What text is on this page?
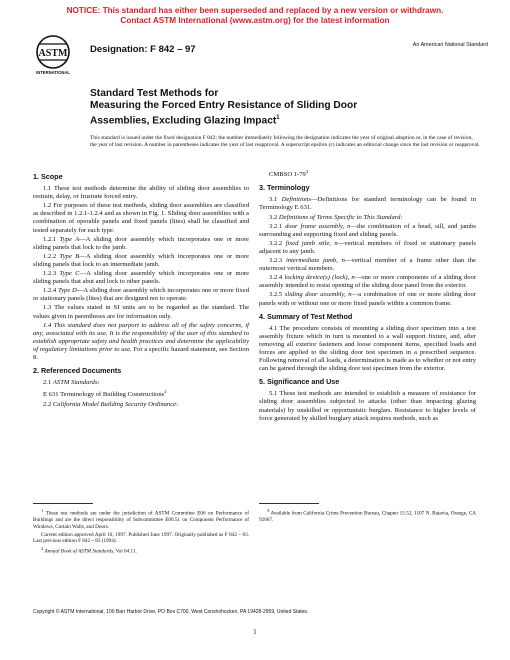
NOTICE: This standard has either been superseded and replaced by a new version or withdrawn.
Contact ASTM International (www.astm.org) for the latest information
ASTM
INTERNATIONAL
Designation: F 842 – 97	An American National Standard
Standard Test Methods for
Measuring the Forced Entry Resistance of Sliding Door
Assemblies, Excluding Glazing Impact$^1$
This standard is issued under the fixed designation F 842; the number immediately following the designation indicates the year of original adoption or, in the case of revision, the year of last revision. A number in parentheses indicates the year of last reapproval. A superscript epsilon (ε) indicates an editorial change since the last revision or reapproval.
1. Scope

1.1 These test methods determine the ability of sliding door assemblies to restrain, delay, or frustrate forced entry.

1.2 For purposes of these test methods, sliding door assemblies are classified as described in 1.2.1-1.2.4 and as shown in Fig. 1. Sliding door assemblies with a combination of operable panels and fixed panels (lites) shall be classified and tested separately for each type.

1.2.1 Type A—A sliding door assembly which incorporates one or more sliding panels that lock to the jamb.

1.2.2 Type B—A sliding door assembly which incorporates one or more sliding panels that lock to an intermediate jamb.

1.2.3 Type C—A sliding door assembly which incorporates one or more sliding panels that abut and lock to other panels.

1.2.4 Type D—A sliding door assembly which incorporates one or more fixed or stationary panels (lites) that are designed not to operate.

1.3 The values stated in SI units are to be regarded as the standard. The values given in parentheses are for information only.

1.4 This standard does not purport to address all of the safety concerns, if any, associated with its use. It is the responsibility of the user of this standard to establish appropriate safety and health practices and determine the applicability of regulatory limitations prior to use. For a specific hazard statement, see Section 8.

2. Referenced Documents

2.1 ASTM Standards:

E 631 Terminology of Building Constructions$^2$

2.2 California Model Building Security Ordinance:

CMBSO $1-79^3$

3. Terminology

3.1 Definitions—Definitions for standard terminology can be found in Terminology E 631.

3.2 Definitions of Terms Specific to This Standard:

3.2.1 door frame assembly, n—the combination of a head, sill, and jambs surrounding and supporting fixed and sliding panels.

3.2.2 fixed jamb stile, n—vertical members of fixed or stationary panels adjacent to any jamb.

3.2.3 intermediate jamb, n—vertical member of a frame other than the outermost vertical members.

3.2.4 locking device(s) (lock), n—one or more components of a sliding door assembly intended to resist opening of the sliding door panel from the exterior.

3.2.5 sliding door assembly, n—a combination of one or more sliding door panels with or without one or more fixed panels within a common frame.

4. Summary of Test Method

4.1 The procedure consists of mounting a sliding door specimen into a test assembly fixture which in turn is mounted to a wall support fixture, and, after removing all exterior fasteners and loose component items, specified loads and forces are applied to the sliding door test specimen in a prescribed sequence. Following removal of all loads, a determination is made as to whether or not entry can be gained through the sliding door test specimen from the exterior.

5. Significance and Use

5.1 These test methods are intended to establish a measure of resistance for sliding door assemblies subjected to attacks (other than impacting glazing materials) by unskilled or opportunistic burglars. Resistance to higher levels of force generated by skilled burglary attack requires methods, such as

$^1$ These test methods are under the jurisdiction of ASTM Committee E06 on Performance of Buildings and are the direct responsibility of Subcommittee E06.51 on Component Performance of Windows, Curtain Walls, and Doors.

Current edition approved April 10, 1997. Published June 1997. Originally published as F 842 – 83. Last previous edition F 842 – 83 (1994).

$^2$ Annual Book of ASTM Standards, Vol 04.11.

$^3$ Available from California Crime Prevention Bureau, Chapter 15.52, 1107 N. Batavia, Orange, CA 92667.

Copyright © ASTM International, 100 Barr Harbor Drive, PO Box C700, West Conshohocken, PA 19428-2959, United States.
1
